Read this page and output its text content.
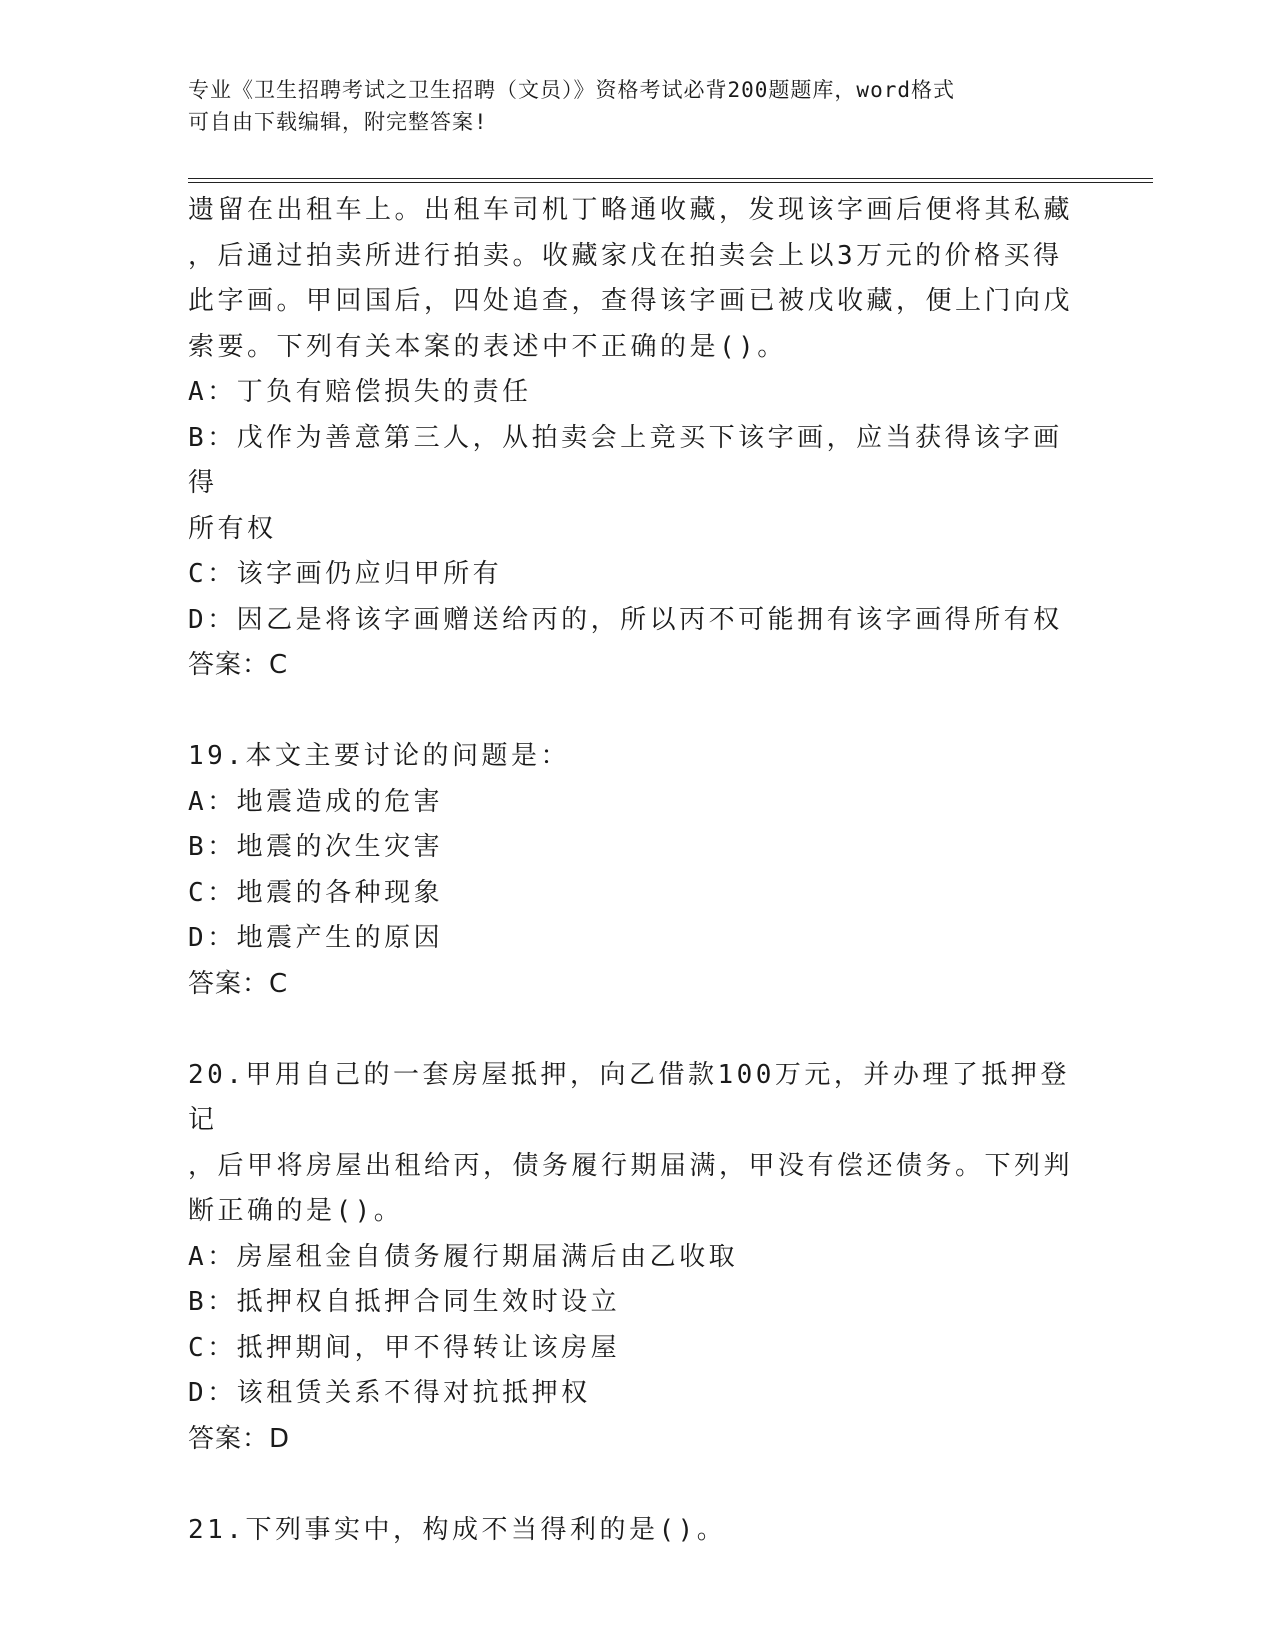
专业《卫生招聘考试之卫生招聘（文员）》资格考试必背200题题库，word格式
可自由下载编辑，附完整答案!

遗留在出租车上。出租车司机丁略通收藏，发现该字画后便将其私藏

，后通过拍卖所进行拍卖。收藏家戊在拍卖会上以3万元的价格买得

此字画。甲回国后，四处追查，查得该字画已被戊收藏，便上门向戊

索要。下列有关本案的表述中不正确的是()。

A：丁负有赔偿损失的责任

B：戊作为善意第三人，从拍卖会上竞买下该字画，应当获得该字画得

所有权

C：该字画仍应归甲所有

D：因乙是将该字画赠送给丙的，所以丙不可能拥有该字画得所有权

答案：C

19.本文主要讨论的问题是：

A：地震造成的危害

B：地震的次生灾害

C：地震的各种现象

D：地震产生的原因

答案：C

20.甲用自己的一套房屋抵押，向乙借款100万元，并办理了抵押登记

，后甲将房屋出租给丙，债务履行期届满，甲没有偿还债务。下列判

断正确的是()。

A：房屋租金自债务履行期届满后由乙收取

B：抵押权自抵押合同生效时设立

C：抵押期间，甲不得转让该房屋

D：该租赁关系不得对抗抵押权

答案：D

21.下列事实中，构成不当得利的是()。
